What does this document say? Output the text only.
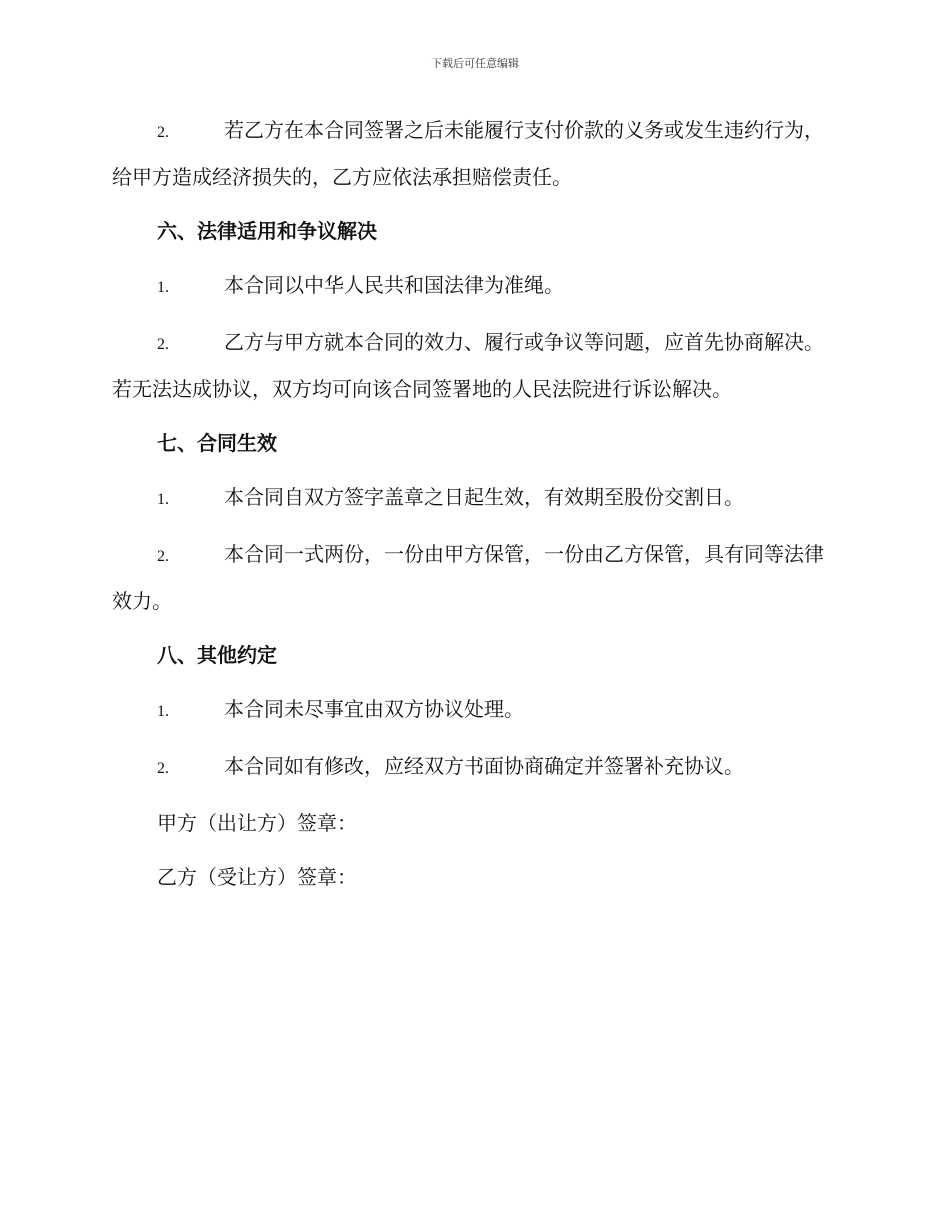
下载后可任意编辑

2.	若乙方在本合同签署之后未能履行支付价款的义务或发生违约行为，给甲方造成经济损失的，乙方应依法承担赔偿责任。

六、法律适用和争议解决

1.	本合同以中华人民共和国法律为准绳。

2.	乙方与甲方就本合同的效力、履行或争议等问题，应首先协商解决。若无法达成协议，双方均可向该合同签署地的人民法院进行诉讼解决。

七、合同生效

1.	本合同自双方签字盖章之日起生效，有效期至股份交割日。

2.	本合同一式两份，一份由甲方保管，一份由乙方保管，具有同等法律效力。

八、其他约定

1.	本合同未尽事宜由双方协议处理。

2.	本合同如有修改，应经双方书面协商确定并签署补充协议。

甲方（出让方）签章：

乙方（受让方）签章：
